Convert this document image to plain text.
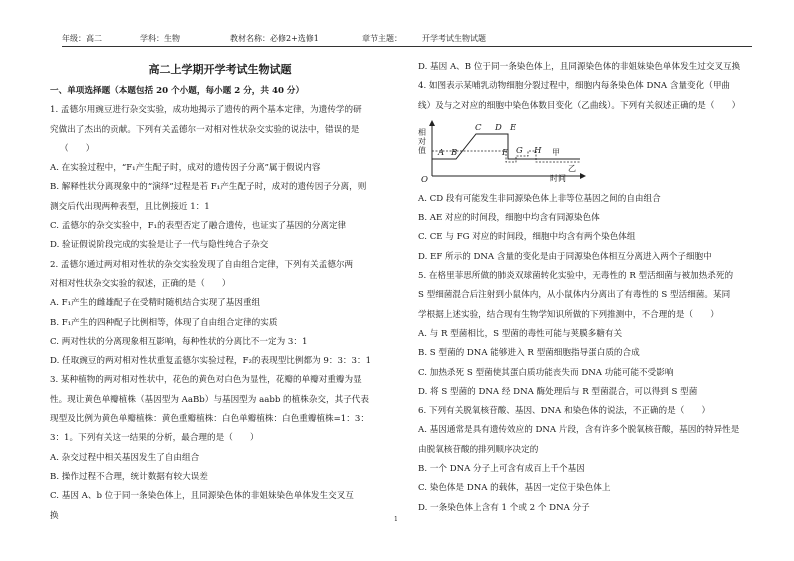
年级：高二	学科：生物	教材名称：必修2+选修1	章节主题：	开学考试生物试题

高二上学期开学考试生物试题

一、单项选择题（本题包括 20 个小题，每小题 2 分，共 40 分）

1. 孟德尔用豌豆进行杂交实验，成功地揭示了遗传的两个基本定律，为遗传学的研

究做出了杰出的贡献。下列有关孟德尔一对相对性状杂交实验的说法中，错误的是

（　　）

A. 在实验过程中，“F₁产生配子时，成对的遗传因子分离”属于假说内容

B. 解释性状分离现象中的“演绎”过程是若 F₁产生配子时，成对的遗传因子分离，则

测交后代出现两种表型，且比例接近 1：1

C. 孟德尔的杂交实验中，F₁的表型否定了融合遗传，也证实了基因的分离定律

D. 验证假说阶段完成的实验是让子一代与隐性纯合子杂交

2. 孟德尔通过两对相对性状的杂交实验发现了自由组合定律，下列有关孟德尔两

对相对性状杂交实验的叙述，正确的是（　　）

A. F₁产生的雌雄配子在受精时随机结合实现了基因重组

B. F₁产生的四种配子比例相等，体现了自由组合定律的实质

C. 两对性状的分离现象相互影响，每种性状的分离比不一定为 3：1

D. 任取豌豆的两对相对性状重复孟德尔实验过程，F₂的表现型比例都为 9：3：3：1

3. 某种植物的两对相对性状中，花色的黄色对白色为显性，花瓣的单瓣对重瓣为显

性。现让黄色单瓣植株（基因型为 AaBb）与基因型为 aabb 的植株杂交，其子代表

现型及比例为黄色单瓣植株：黄色重瓣植株：白色单瓣植株：白色重瓣植株=1：3：

3：1。下列有关这一结果的分析，最合理的是（　　）

A. 杂交过程中相关基因发生了自由组合

B. 操作过程不合理，统计数据有较大误差

C. 基因 A、b 位于同一条染色体上，且同源染色体的非姐妹染色单体发生交叉互

换

D. 基因 A、B 位于同一条染色体上，且同源染色体的非姐妹染色单体发生过交叉互换

4. 如图表示某哺乳动物细胞分裂过程中，细胞内每条染色体 DNA 含量变化（甲曲

线）及与之对应的细胞中染色体数目变化（乙曲线）。下列有关叙述正确的是（　　）

相对值 A B
C D E
F G H 甲
乙
O	时间

A. CD 段有可能发生非同源染色体上非等位基因之间的自由组合

B. AE 对应的时间段，细胞中均含有同源染色体

C. CE 与 FG 对应的时间段，细胞中均含有两个染色体组

D. EF 所示的 DNA 含量的变化是由于同源染色体相互分离进入两个子细胞中

5. 在格里菲思所做的肺炎双球菌转化实验中，无毒性的 R 型活细菌与被加热杀死的

S 型细菌混合后注射到小鼠体内，从小鼠体内分离出了有毒性的 S 型活细菌。某同

学根据上述实验，结合现有生物学知识所做的下列推测中，不合理的是（　　）

A. 与 R 型菌相比，S 型菌的毒性可能与荚膜多糖有关

B. S 型菌的 DNA 能够进入 R 型菌细胞指导蛋白质的合成

C. 加热杀死 S 型菌使其蛋白质功能丧失而 DNA 功能可能不受影响

D. 将 S 型菌的 DNA 经 DNA 酶处理后与 R 型菌混合，可以得到 S 型菌

6. 下列有关脱氧核苷酸、基因、DNA 和染色体的说法，不正确的是（　　）

A. 基因通常是具有遗传效应的 DNA 片段，含有许多个脱氧核苷酸，基因的特异性是

由脱氧核苷酸的排列顺序决定的

B. 一个 DNA 分子上可含有成百上千个基因

C. 染色体是 DNA 的载体，基因一定位于染色体上

D. 一条染色体上含有 1 个或 2 个 DNA 分子

1
